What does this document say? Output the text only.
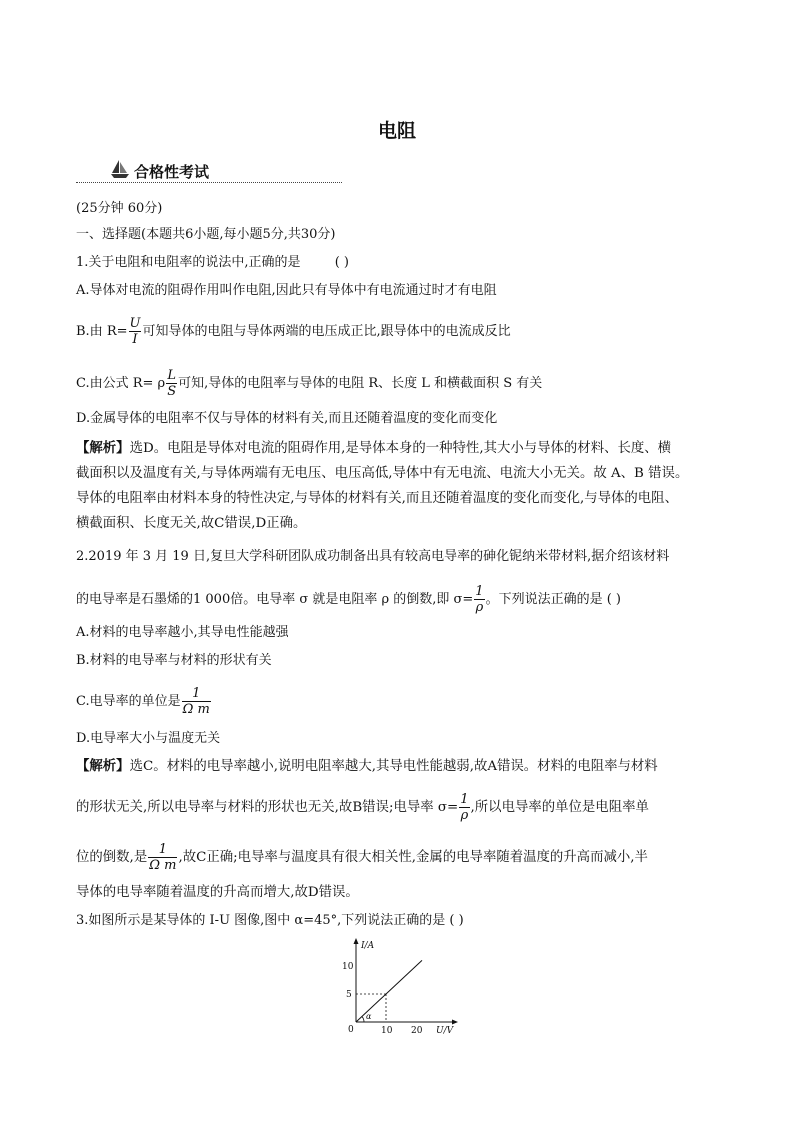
电阻
合格性考试
(25分钟 60分)
一、选择题(本题共6小题,每小题5分,共30分)
1.关于电阻和电阻率的说法中,正确的是	( )
A.导体对电流的阻碍作用叫作电阻,因此只有导体中有电流通过时才有电阻
B.由 $R= \frac{U}{I}$ 可知导体的电阻与导体两端的电压成正比,跟导体中的电流成反比
C.由公式 R= ρ $\frac{L}{S}$ 可知,导体的电阻率与导体的电阻 R、长度 L 和横截面积 S 有关
D.金属导体的电阻率不仅与导体的材料有关,而且还随着温度的变化而变化
【解析】选D。电阻是导体对电流的阻碍作用,是导体本身的一种特性,其大小与导体的材料、长度、横
截面积以及温度有关,与导体两端有无电压、电压高低,导体中有无电流、电流大小无关。故 A、B 错误。
导体的电阻率由材料本身的特性决定,与导体的材料有关,而且还随着温度的变化而变化,与导体的电阻、
横截面积、长度无关,故C错误,D正确。
2.2019 年 3 月 19 日,复旦大学科研团队成功制备出具有较高电导率的砷化铌纳米带材料,据介绍该材料
的电导率是石墨烯的1 000倍。电导率 σ 就是电阻率 ρ 的倒数,即 $\sigma= \frac{1}{\rho}$ 。下列说法正确的是 ( )
A.材料的电导率越小,其导电性能越强
B.材料的电导率与材料的形状有关
C.电导率的单位是 $\frac{1}{\text{Ω m}}$
D.电导率大小与温度无关
【解析】选C。材料的电导率越小,说明电阻率越大,其导电性能越弱,故A错误。材料的电阻率与材料
的形状无关,所以电导率与材料的形状也无关,故B错误;电导率 $\sigma= \frac{1}{\rho}$ ,所以电导率的单位是电阻率单
位的倒数,是 $\frac{1}{\text{Ω m}}$ ,故C正确;电导率与温度具有很大相关性,金属的电导率随着温度的升高而减小,半
导体的电导率随着温度的升高而增大,故D错误。
3.如图所示是某导体的 I-U 图像,图中 α=45°,下列说法正确的是 ( )
I/A
U/V
10
5
10 20
0
α
